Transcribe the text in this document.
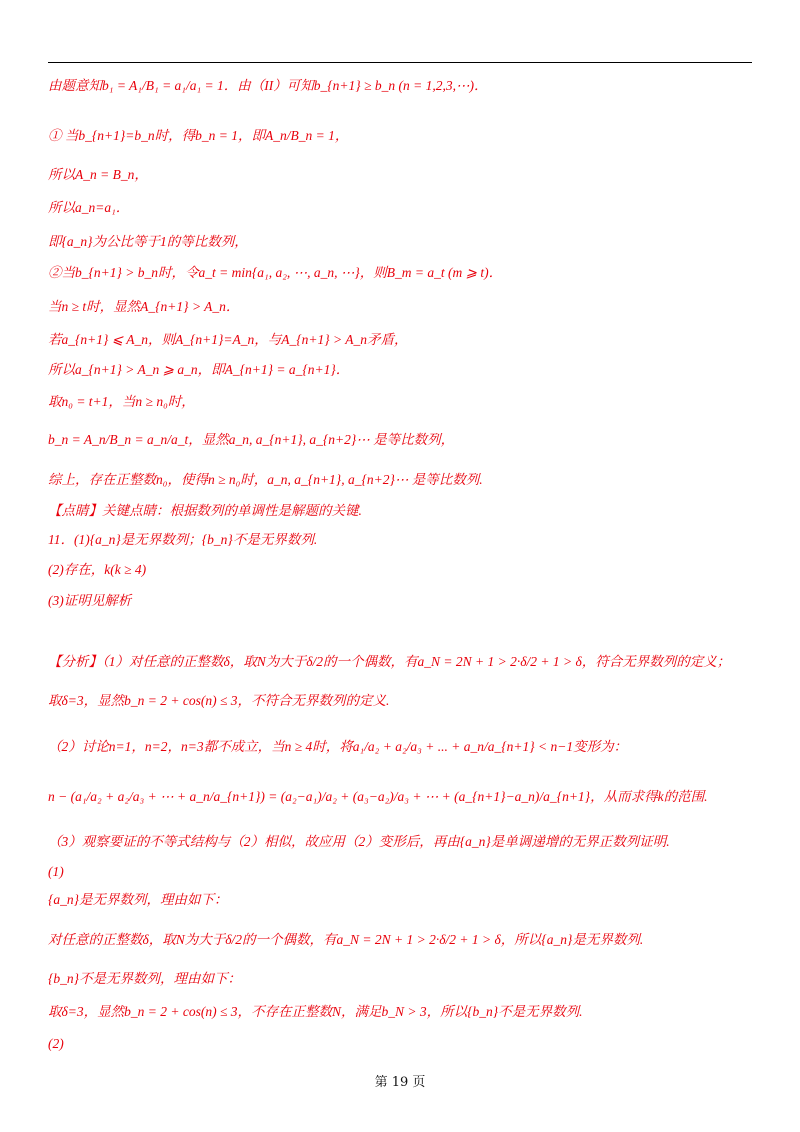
由题意知b₁ = A₁/B₁ = a₁/a₁ = 1．由（II）可知b_{n+1} ≥ b_n (n = 1,2,3,⋯)．
① 当b_{n+1}=b_n时，得b_n = 1，即A_n/B_n = 1，
所以A_n = B_n，
所以a_n=a₁．
即{a_n}为公比等于1的等比数列，
②当b_{n+1} > b_n时，令a_t = min{a₁, a₂, ⋯, a_n, ⋯}，则B_m = a_t (m ⩾ t)．
当n ≥ t时，显然A_{n+1} > A_n．
若a_{n+1} ⩽ A_n，则A_{n+1}=A_n，与A_{n+1} > A_n矛盾，
所以a_{n+1} > A_n ⩾ a_n，即A_{n+1} = a_{n+1}．
取n₀ = t+1，当n ≥ n₀时，
b_n = A_n/B_n = a_n/a_t，显然a_n, a_{n+1}, a_{n+2}⋯ 是等比数列，
综上，存在正整数n₀，使得n ≥ n₀时，a_n, a_{n+1}, a_{n+2}⋯ 是等比数列.
【点睛】关键点睛：根据数列的单调性是解题的关键.
11．(1){a_n}是无界数列；{b_n}不是无界数列.
(2)存在，k(k ≥ 4)
(3)证明见解析
【分析】（1）对任意的正整数δ，取N为大于δ/2的一个偶数，有a_N = 2N + 1 > 2·δ/2 + 1 > δ，符合无界数列的定义；
取δ=3，显然b_n = 2 + cos(n) ≤ 3，不符合无界数列的定义.
（2）讨论n=1，n=2，n=3都不成立，当n ≥ 4时，将a₁/a₂ + a₂/a₃ + ... + a_n/a_{n+1} < n−1变形为：
n − (a₁/a₂ + a₂/a₃ + ⋯ + a_n/a_{n+1}) = (a₂−a₁)/a₂ + (a₃−a₂)/a₃ + ⋯ + (a_{n+1}−a_n)/a_{n+1}，从而求得k的范围.
（3）观察要证的不等式结构与（2）相似，故应用（2）变形后，再由{a_n}是单调递增的无界正数列证明.
(1)
{a_n}是无界数列，理由如下：
对任意的正整数δ，取N为大于δ/2的一个偶数，有a_N = 2N + 1 > 2·δ/2 + 1 > δ，所以{a_n}是无界数列.
{b_n}不是无界数列，理由如下：
取δ=3，显然b_n = 2 + cos(n) ≤ 3，不存在正整数N，满足b_N > 3，所以{b_n}不是无界数列.
(2)
第 19 页
